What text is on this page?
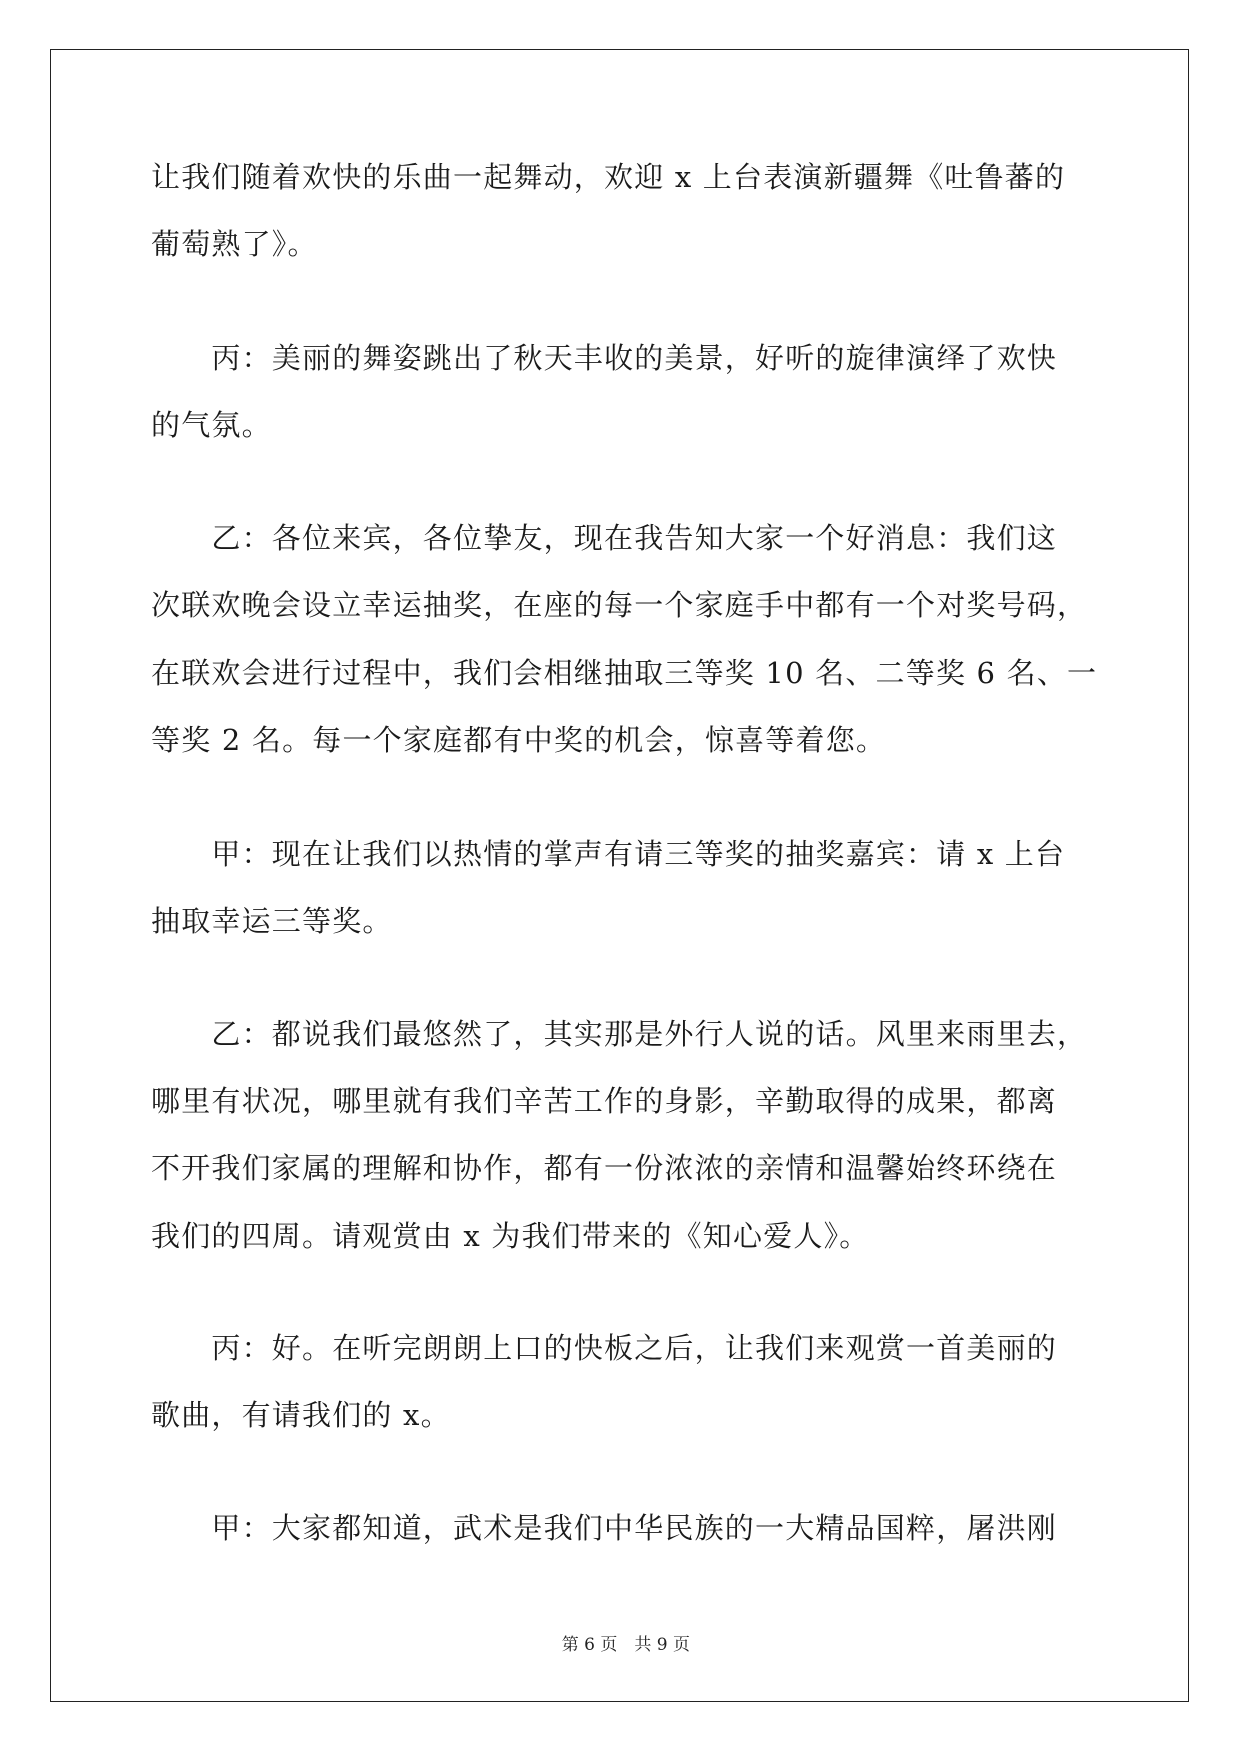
让我们随着欢快的乐曲一起舞动，欢迎 x 上台表演新疆舞《吐鲁蕃的
葡萄熟了》。
　　丙：美丽的舞姿跳出了秋天丰收的美景，好听的旋律演绎了欢快
的气氛。
　　乙：各位来宾，各位挚友，现在我告知大家一个好消息：我们这
次联欢晚会设立幸运抽奖，在座的每一个家庭手中都有一个对奖号码，
在联欢会进行过程中，我们会相继抽取三等奖 10 名、二等奖 6 名、一
等奖 2 名。每一个家庭都有中奖的机会，惊喜等着您。
　　甲：现在让我们以热情的掌声有请三等奖的抽奖嘉宾：请 x 上台
抽取幸运三等奖。
　　乙：都说我们最悠然了，其实那是外行人说的话。风里来雨里去，
哪里有状况，哪里就有我们辛苦工作的身影，辛勤取得的成果，都离
不开我们家属的理解和协作，都有一份浓浓的亲情和温馨始终环绕在
我们的四周。请观赏由 x 为我们带来的《知心爱人》。
　　丙：好。在听完朗朗上口的快板之后，让我们来观赏一首美丽的
歌曲，有请我们的 x。
　　甲：大家都知道，武术是我们中华民族的一大精品国粹，屠洪刚

第 6 页　共 9 页
